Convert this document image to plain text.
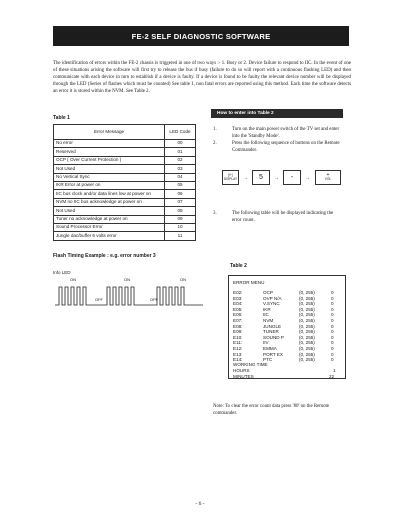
FE-2 SELF DIAGNOSTIC SOFTWARE
The identification of errors within the FE-2 chassis is triggered in one of two ways :- 1. Busy or 2. Device failure to respond to IIC. In the event of one of these situations arising the software will first try to release the bus if busy (failure to do so will report with a continuous flashing LED) and then communicate with each device in turn to establish if a device is faulty. If a device is found to be faulty the relevant device number will be displayed through the LED (Series of flashes which must be counted) See table 1, non fatal errors are reported using this method. Each time the software detects an error it is stored within the NVM. See Table 2.
Table 1
Error Message	LED Code
No error	00
Reserved	01
OCP ( Over Current Protection )	02
Not Used	03
No Vertical Sync	04
IKR Error at power on	05
IIC bus clock and/or data lines low at power on	06
NVM no IIC bus acknowledge at power on	07
Not Used	08
Tuner no acknowledge at power on	09
Sound Processor Error	10
Jungle dac/buffer 6 volts error	11
How to enter into Table 2
1.	Turn on the main power switch of the TV set and enter into the 'Standby Mode'.
2.	Press the following sequence of buttons on the Remote Commander.
[i+]
DISPLAY →	5	→	-	→
+
VOL
3.	The following table will be displayed indicating the error count.
Flash Timing Example : e.g. error number 3
Info LED
ON	ON	ON
OFF	OFF
Table 2
ERROR MENU
E02:	OCP	(0, 255)	0
E03:	OVP N/A	(0, 255)	0
E04:	V.SYNC	(0, 255)	0
E05:	IKR	(0, 255)	0
E06:	IIC	(0, 255)	0
E07:	NVM	(0, 255)	0
E08:	JUNGLE	(0, 255)	0
E09:	TUNER	(0, 255)	0
E10:	SOUND P	(0, 255)	0
E11:	IIV	(0, 255)	0
E12:	EMMA	(0, 255)	0
E13:	PORT EX	(0, 255)	0
E14:	PTC	(0, 255)	0
WORKING TIME
HOURS	1
MINUTES	22
Note: To clear the error count data press '80' on the Remote commander.
- 6 -
